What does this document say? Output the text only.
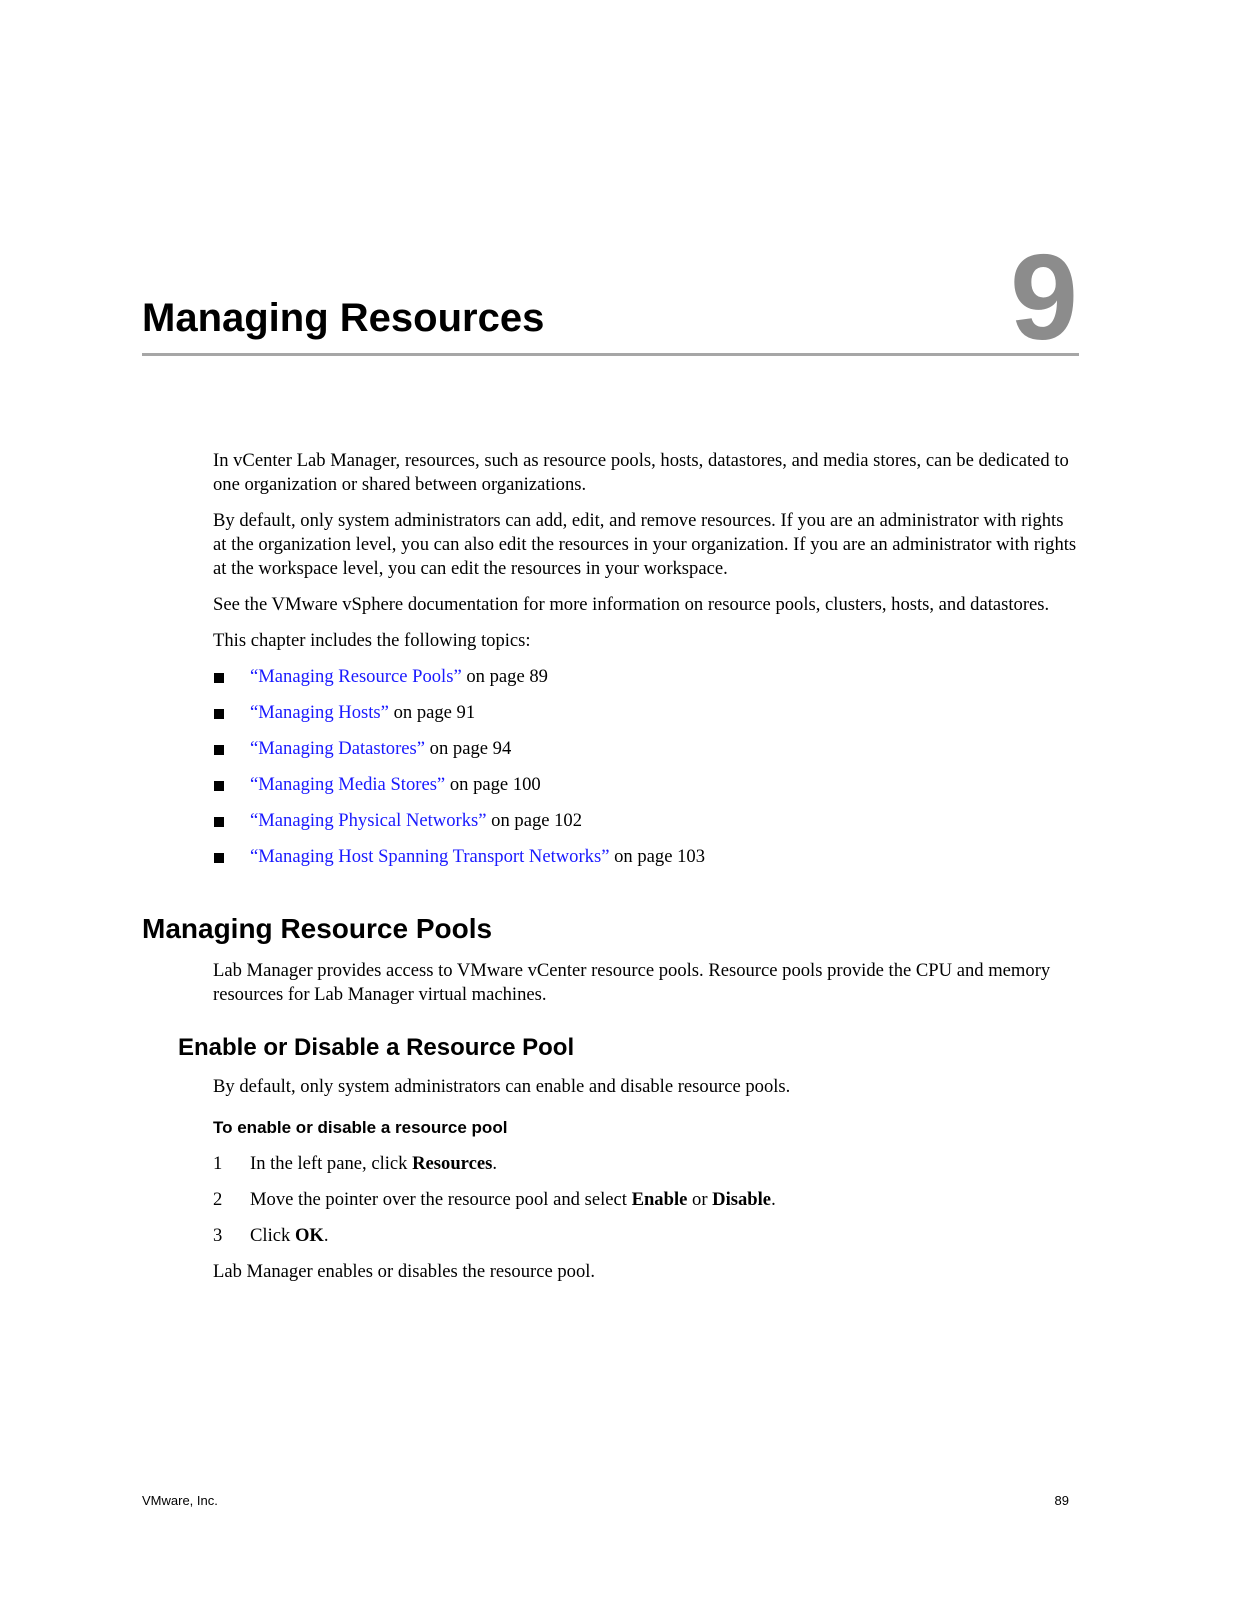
9
Managing Resources

In vCenter Lab Manager, resources, such as resource pools, hosts, datastores, and media stores, can be dedicated to one organization or shared between organizations.

By default, only system administrators can add, edit, and remove resources. If you are an administrator with rights at the organization level, you can also edit the resources in your organization. If you are an administrator with rights at the workspace level, you can edit the resources in your workspace.

See the VMware vSphere documentation for more information on resource pools, clusters, hosts, and datastores.

This chapter includes the following topics:

“Managing Resource Pools” on page 89
“Managing Hosts” on page 91
“Managing Datastores” on page 94
“Managing Media Stores” on page 100
“Managing Physical Networks” on page 102
“Managing Host Spanning Transport Networks” on page 103
Managing Resource Pools

Lab Manager provides access to VMware vCenter resource pools. Resource pools provide the CPU and memory resources for Lab Manager virtual machines.

Enable or Disable a Resource Pool

By default, only system administrators can enable and disable resource pools.

To enable or disable a resource pool
1 In the left pane, click Resources.
2 Move the pointer over the resource pool and select Enable or Disable.
3 Click OK.

Lab Manager enables or disables the resource pool.

VMware, Inc.	89
